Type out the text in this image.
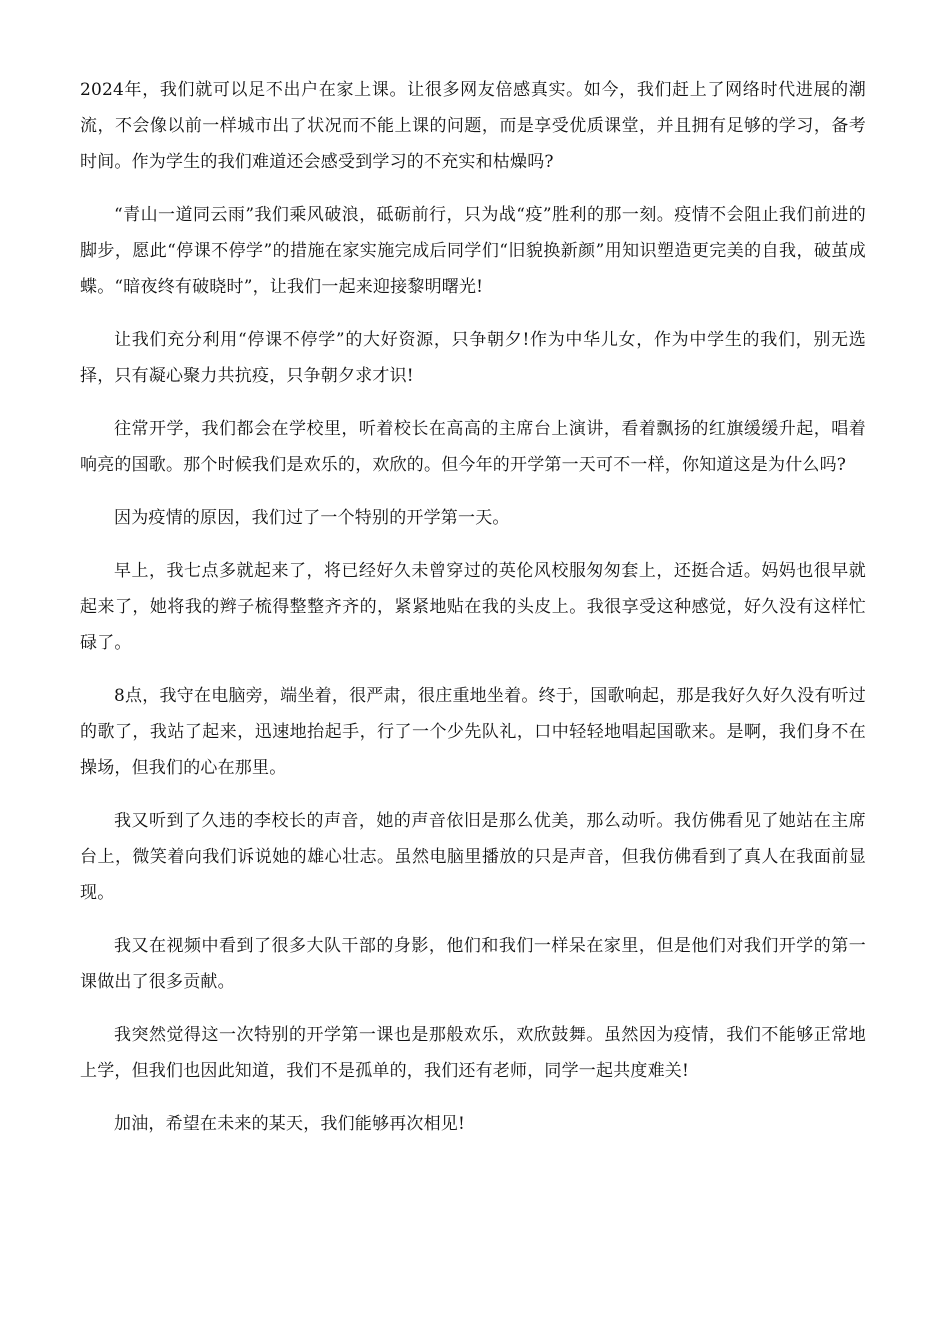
2024年，我们就可以足不出户在家上课。让很多网友倍感真实。如今，我们赶上了网络时代进展的潮流，不会像以前一样城市出了状况而不能上课的问题，而是享受优质课堂，并且拥有足够的学习，备考时间。作为学生的我们难道还会感受到学习的不充实和枯燥吗?

“青山一道同云雨”我们乘风破浪，砥砺前行，只为战“疫”胜利的那一刻。疫情不会阻止我们前进的脚步，愿此“停课不停学”的措施在家实施完成后同学们“旧貌换新颜”用知识塑造更完美的自我，破茧成蝶。“暗夜终有破晓时”，让我们一起来迎接黎明曙光!

让我们充分利用“停课不停学”的大好资源，只争朝夕!作为中华儿女，作为中学生的我们，别无选择，只有凝心聚力共抗疫，只争朝夕求才识!

往常开学，我们都会在学校里，听着校长在高高的主席台上演讲，看着飘扬的红旗缓缓升起，唱着响亮的国歌。那个时候我们是欢乐的，欢欣的。但今年的开学第一天可不一样，你知道这是为什么吗?

因为疫情的原因，我们过了一个特别的开学第一天。

早上，我七点多就起来了，将已经好久未曾穿过的英伦风校服匆匆套上，还挺合适。妈妈也很早就起来了，她将我的辫子梳得整整齐齐的，紧紧地贴在我的头皮上。我很享受这种感觉，好久没有这样忙碌了。

8点，我守在电脑旁，端坐着，很严肃，很庄重地坐着。终于，国歌响起，那是我好久好久没有听过的歌了，我站了起来，迅速地抬起手，行了一个少先队礼，口中轻轻地唱起国歌来。是啊，我们身不在操场，但我们的心在那里。

我又听到了久违的李校长的声音，她的声音依旧是那么优美，那么动听。我仿佛看见了她站在主席台上，微笑着向我们诉说她的雄心壮志。虽然电脑里播放的只是声音，但我仿佛看到了真人在我面前显现。

我又在视频中看到了很多大队干部的身影，他们和我们一样呆在家里，但是他们对我们开学的第一课做出了很多贡献。

我突然觉得这一次特别的开学第一课也是那般欢乐，欢欣鼓舞。虽然因为疫情，我们不能够正常地上学，但我们也因此知道，我们不是孤单的，我们还有老师，同学一起共度难关!

加油，希望在未来的某天，我们能够再次相见!
